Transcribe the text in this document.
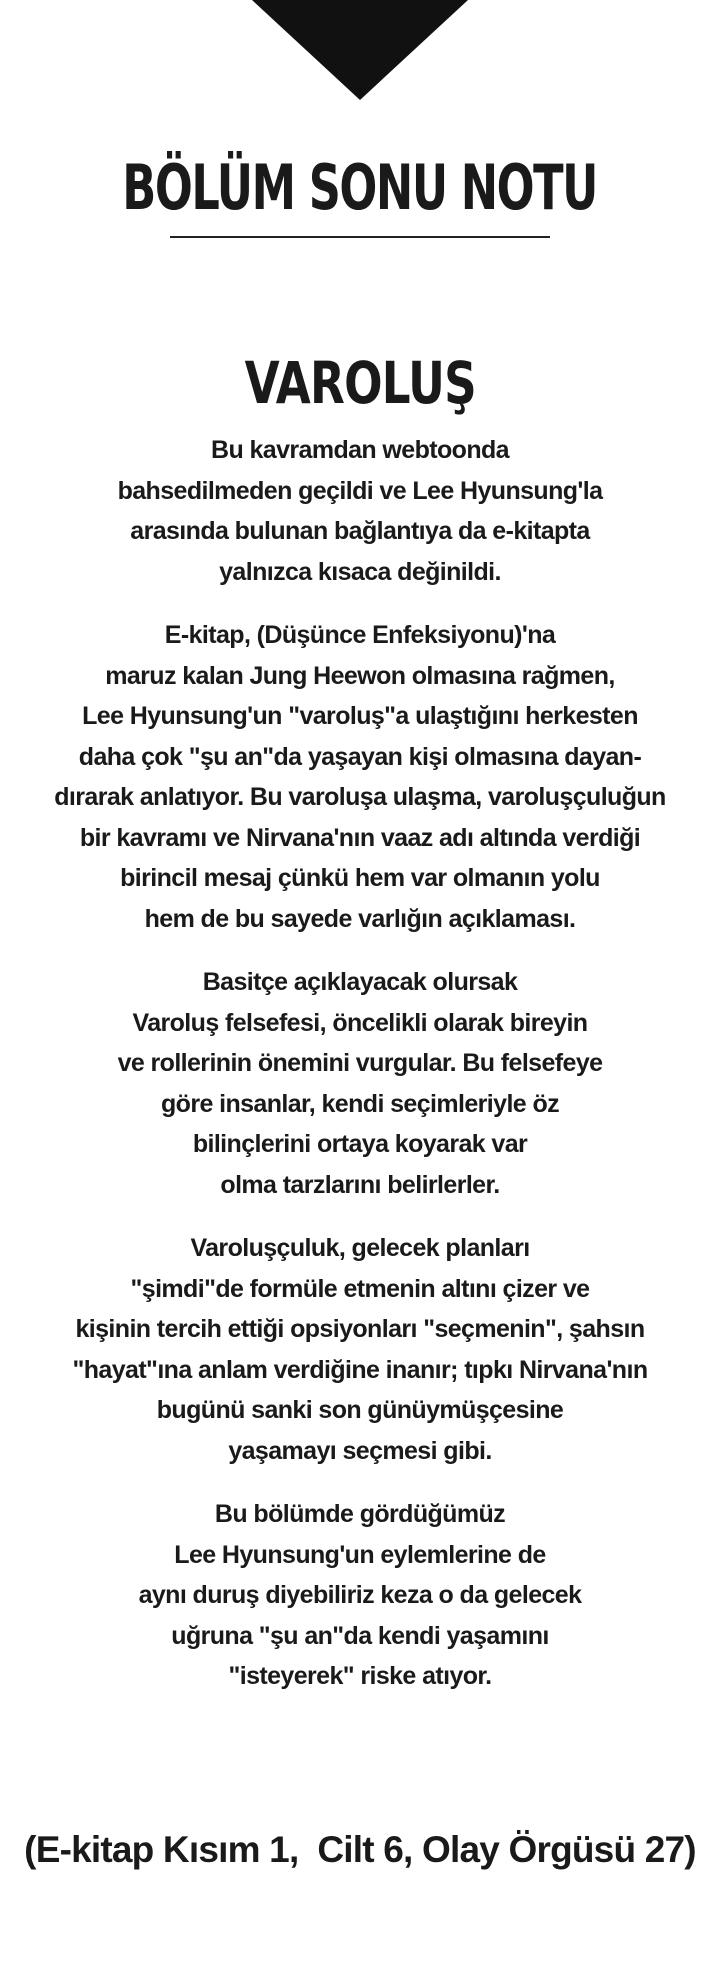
BÖLÜM SONU NOTU
VAROLUŞ

Bu kavramdan webtoonda
bahsedilmeden geçildi ve Lee Hyunsung'la
arasında bulunan bağlantıya da e-kitapta
yalnızca kısaca değinildi.

E-kitap, (Düşünce Enfeksiyonu)'na
maruz kalan Jung Heewon olmasına rağmen,
Lee Hyunsung'un "varoluş"a ulaştığını herkesten
daha çok "şu an"da yaşayan kişi olmasına dayan-
dırarak anlatıyor. Bu varoluşa ulaşma, varoluşçuluğun
bir kavramı ve Nirvana'nın vaaz adı altında verdiği
birincil mesaj çünkü hem var olmanın yolu
hem de bu sayede varlığın açıklaması.

Basitçe açıklayacak olursak
Varoluş felsefesi, öncelikli olarak bireyin
ve rollerinin önemini vurgular. Bu felsefeye
göre insanlar, kendi seçimleriyle öz
bilinçlerini ortaya koyarak var
olma tarzlarını belirlerler.

Varoluşçuluk, gelecek planları
"şimdi"de formüle etmenin altını çizer ve
kişinin tercih ettiği opsiyonları "seçmenin", şahsın
"hayat"ına anlam verdiğine inanır; tıpkı Nirvana'nın
bugünü sanki son günüymüşçesine
yaşamayı seçmesi gibi.

Bu bölümde gördüğümüz
Lee Hyunsung'un eylemlerine de
aynı duruş diyebiliriz keza o da gelecek
uğruna "şu an"da kendi yaşamını
"isteyerek" riske atıyor.

(E-kitap Kısım 1,  Cilt 6, Olay Örgüsü 27)
